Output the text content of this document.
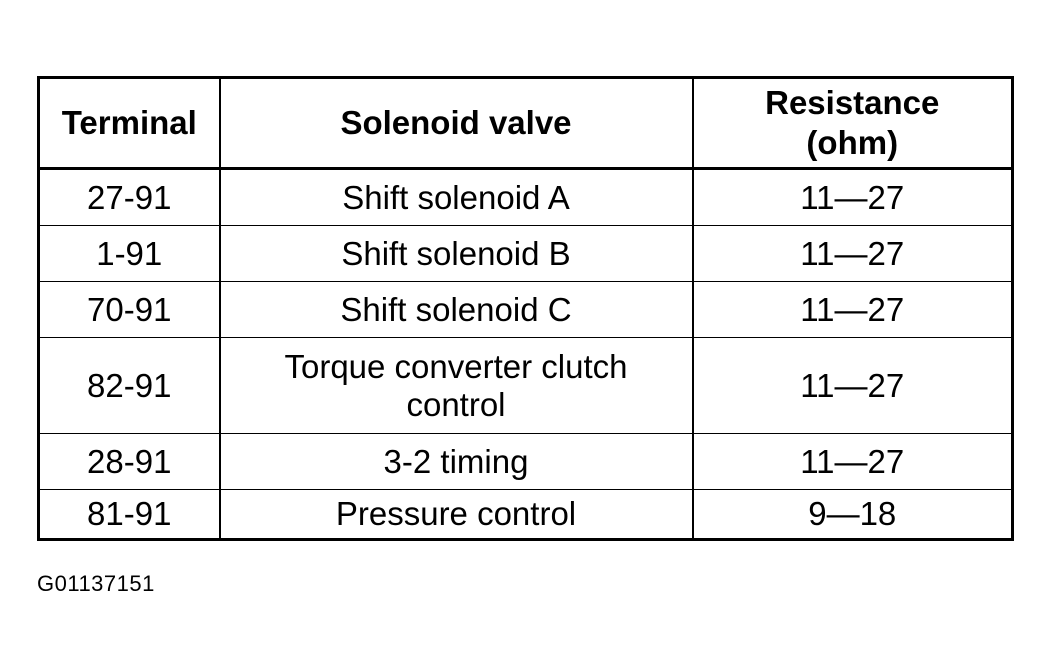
Terminal	Solenoid valve	Resistance (ohm)
27-91	Shift solenoid A	11—27
1-91	Shift solenoid B	11—27
70-91	Shift solenoid C	11—27
82-91	Torque converter clutch control	11—27
28-91	3-2 timing	11—27
81-91	Pressure control	9—18
G01137151
